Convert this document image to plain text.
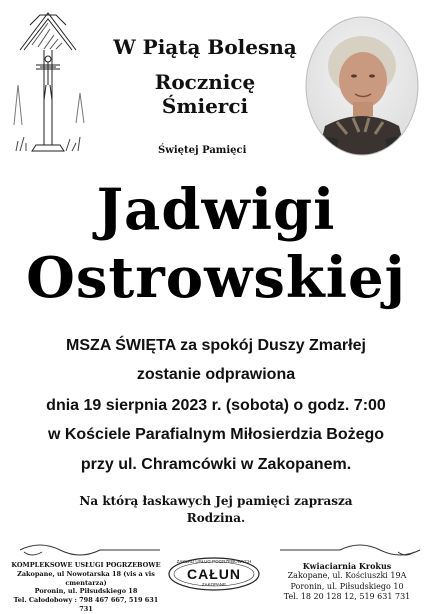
W Piątą Bolesną
Rocznicę Śmierci
Świętej Pamięci
Jadwigi
Ostrowskiej
MSZA ŚWIĘTA za spokój Duszy Zmarłej
zostanie odprawiona
dnia 19 sierpnia 2023 r. (sobota) o godz. 7:00
w Kościele Parafialnym Miłosierdzia Bożego
przy ul. Chramcówki w Zakopanem.
Na którą łaskawych Jej pamięci zaprasza
Rodzina.
KOMPLEKSOWE USŁUGI POGRZEBOWE
Zakopane, ul Nowotarska 18 (vis a vis cmentarza)
Poronin, ul. Piłsudskiego 18
Tel. Całodobowy : 798 467 667, 519 631 731
ZAKŁAD USŁUG POGRZEBOWYCH
CAŁUN
ZAKOPANE
Kwiaciarnia Krokus
Zakopane, ul. Kościuszki 19A
Poronin, ul. Piłsudskiego 10
Tel. 18 20 128 12, 519 631 731
